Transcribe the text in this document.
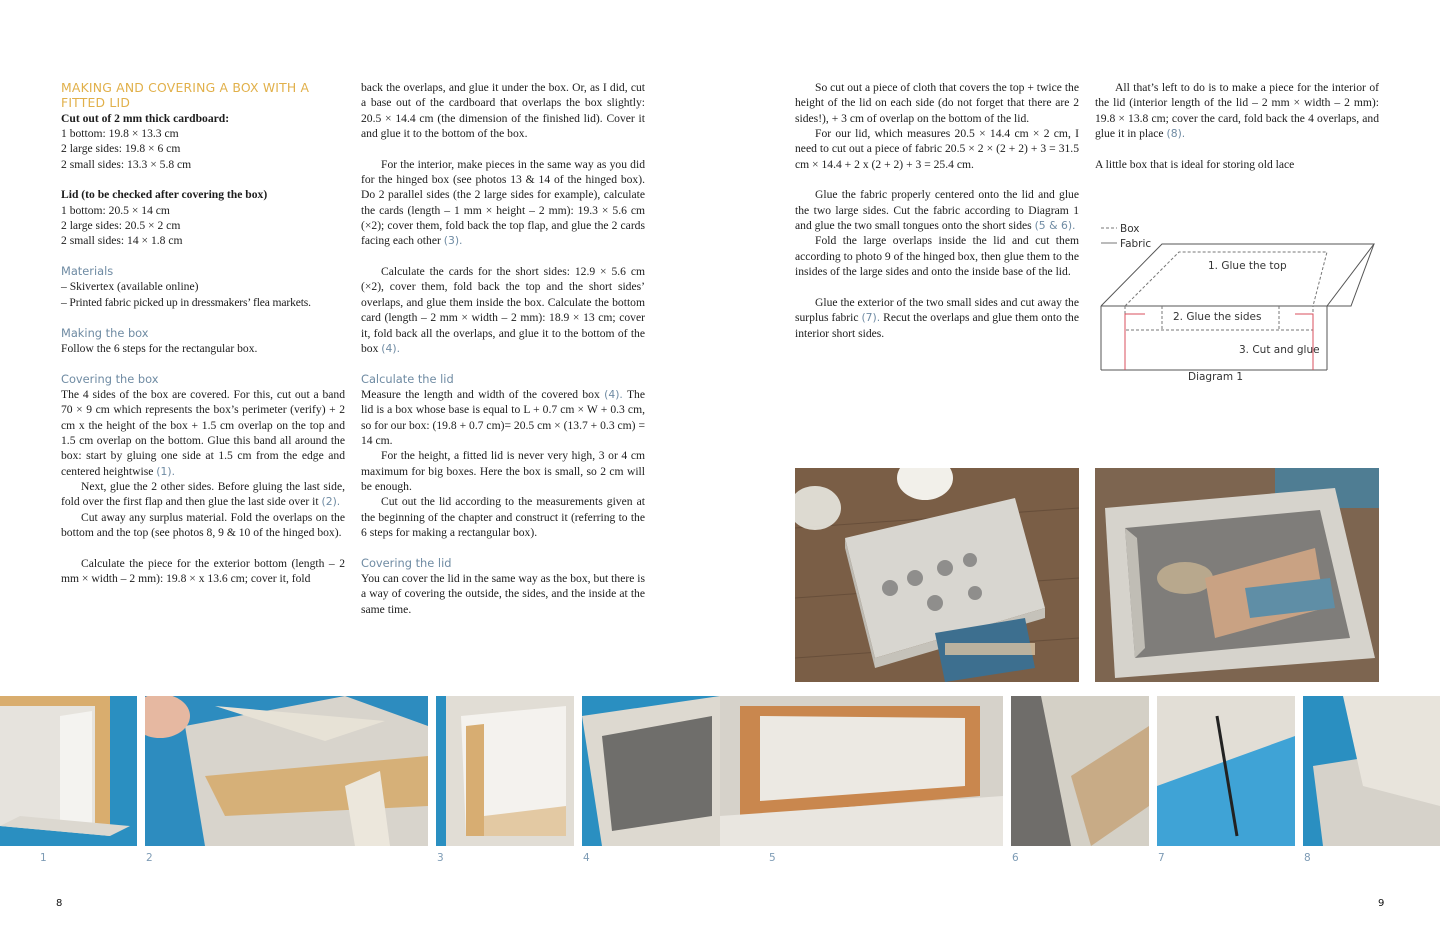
MAKING AND COVERING A BOX WITH A

FITTED LID

Cut out of 2 mm thick cardboard:

1 bottom: 19.8 × 13.3 cm

2 large sides: 19.8 × 6 cm

2 small sides: 13.3 × 5.8 cm

Lid (to be checked after covering the box)

1 bottom: 20.5 × 14 cm

2 large sides: 20.5 × 2 cm

2 small sides: 14 × 1.8 cm

Materials

– Skivertex (available online)

– Printed fabric picked up in dressmakers’ flea markets.

Making the box

Follow the 6 steps for the rectangular box.

Covering the box

The 4 sides of the box are covered. For this, cut out a band 70 × 9 cm which represents the box’s perimeter (verify) + 2 cm x the height of the box + 1.5 cm overlap on the top and 1.5 cm overlap on the bottom. Glue this band all around the box: start by gluing one side at 1.5 cm from the edge and centered heightwise (1).

Next, glue the 2 other sides. Before gluing the last side, fold over the first flap and then glue the last side over it (2).

Cut away any surplus material. Fold the overlaps on the bottom and the top (see photos 8, 9 & 10 of the hinged box).

Calculate the piece for the exterior bottom (length – 2 mm × width – 2 mm): 19.8 × x 13.6 cm; cover it, fold

back the overlaps, and glue it under the box. Or, as I did, cut a base out of the cardboard that overlaps the box slightly: 20.5 × 14.4 cm (the dimension of the finished lid). Cover it and glue it to the bottom of the box.

For the interior, make pieces in the same way as you did for the hinged box (see photos 13 & 14 of the hinged box). Do 2 parallel sides (the 2 large sides for example), calculate the cards (length – 1 mm × height – 2 mm): 19.3 × 5.6 cm (×2); cover them, fold back the top flap, and glue the 2 cards facing each other (3).

Calculate the cards for the short sides: 12.9 × 5.6 cm (×2), cover them, fold back the top and the short sides’ overlaps, and glue them inside the box. Calculate the bottom card (length – 2 mm × width – 2 mm): 18.9 × 13 cm; cover it, fold back all the overlaps, and glue it to the bottom of the box (4).

Calculate the lid

Measure the length and width of the covered box (4). The lid is a box whose base is equal to L + 0.7 cm × W + 0.3 cm, so for our box: (19.8 + 0.7 cm)= 20.5 cm × (13.7 + 0.3 cm) = 14 cm.

For the height, a fitted lid is never very high, 3 or 4 cm maximum for big boxes. Here the box is small, so 2 cm will be enough.

Cut out the lid according to the measurements given at the beginning of the chapter and construct it (referring to the 6 steps for making a rectangular box).

Covering the lid

You can cover the lid in the same way as the box, but there is a way of covering the outside, the sides, and the inside at the same time.

So cut out a piece of cloth that covers the top + twice the height of the lid on each side (do not forget that there are 2 sides!), + 3 cm of overlap on the bottom of the lid.

For our lid, which measures 20.5 × 14.4 cm × 2 cm, I need to cut out a piece of fabric 20.5 × 2 × (2 + 2) + 3 = 31.5 cm × 14.4 + 2 x (2 + 2) + 3 = 25.4 cm.

Glue the fabric properly centered onto the lid and glue the two large sides. Cut the fabric according to Diagram 1 and glue the two small tongues onto the short sides (5 & 6).

Fold the large overlaps inside the lid and cut them according to photo 9 of the hinged box, then glue them to the insides of the large sides and onto the inside base of the lid.

Glue the exterior of the two small sides and cut away the surplus fabric (7). Recut the overlaps and glue them onto the interior short sides.

All that’s left to do is to make a piece for the interior of the lid (interior length of the lid – 2 mm × width – 2 mm): 19.8 × 13.8 cm; cover the card, fold back the 4 overlaps, and glue it in place (8).

A little box that is ideal for storing old lace

Box
Fabric
1. Glue the top
2. Glue the sides
3. Cut and glue
Diagram 1
1	2	3	4	5	6	7	8
8	9
